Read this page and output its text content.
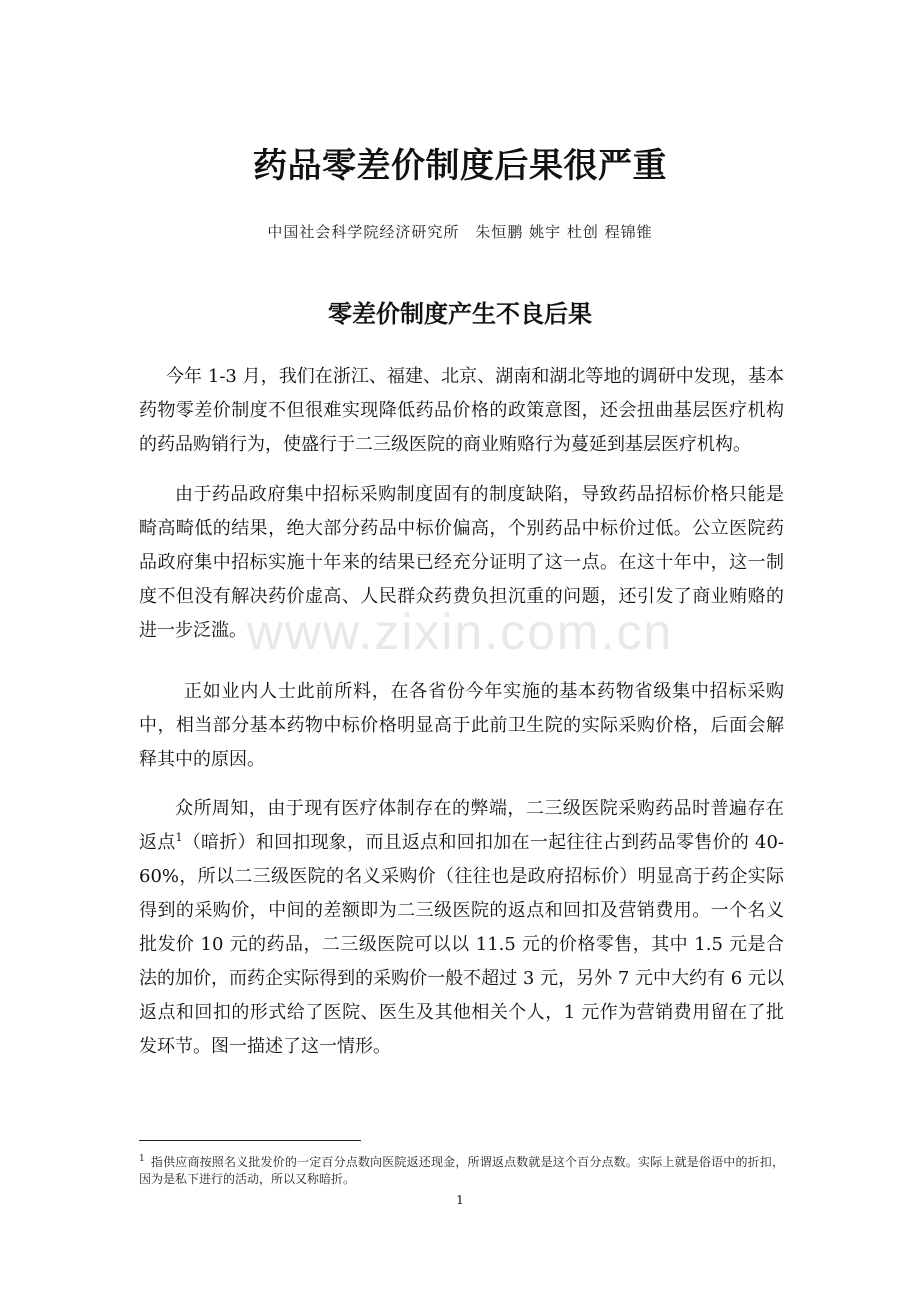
药品零差价制度后果很严重
中国社会科学院经济研究所　朱恒鹏 姚宇 杜创 程锦锥
零差价制度产生不良后果

今年 1-3 月，我们在浙江、福建、北京、湖南和湖北等地的调研中发现，基本药物零差价制度不但很难实现降低药品价格的政策意图，还会扭曲基层医疗机构的药品购销行为，使盛行于二三级医院的商业贿赂行为蔓延到基层医疗机构。

由于药品政府集中招标采购制度固有的制度缺陷，导致药品招标价格只能是畸高畸低的结果，绝大部分药品中标价偏高，个别药品中标价过低。公立医院药品政府集中招标实施十年来的结果已经充分证明了这一点。在这十年中，这一制度不但没有解决药价虚高、人民群众药费负担沉重的问题，还引发了商业贿赂的进一步泛滥。

正如业内人士此前所料，在各省份今年实施的基本药物省级集中招标采购中，相当部分基本药物中标价格明显高于此前卫生院的实际采购价格，后面会解释其中的原因。

众所周知，由于现有医疗体制存在的弊端，二三级医院采购药品时普遍存在返点$^1$（暗折）和回扣现象，而且返点和回扣加在一起往往占到药品零售价的 40-60%，所以二三级医院的名义采购价（往往也是政府招标价）明显高于药企实际得到的采购价，中间的差额即为二三级医院的返点和回扣及营销费用。一个名义批发价 10 元的药品，二三级医院可以以 11.5 元的价格零售，其中 1.5 元是合法的加价，而药企实际得到的采购价一般不超过 3 元，另外 7 元中大约有 6 元以返点和回扣的形式给了医院、医生及其他相关个人，1 元作为营销费用留在了批发环节。图一描述了这一情形。

www.zixin.com.cn

$^1$ 指供应商按照名义批发价的一定百分点数向医院返还现金，所谓返点数就是这个百分点数。实际上就是俗语中的折扣，因为是私下进行的活动，所以又称暗折。

1
